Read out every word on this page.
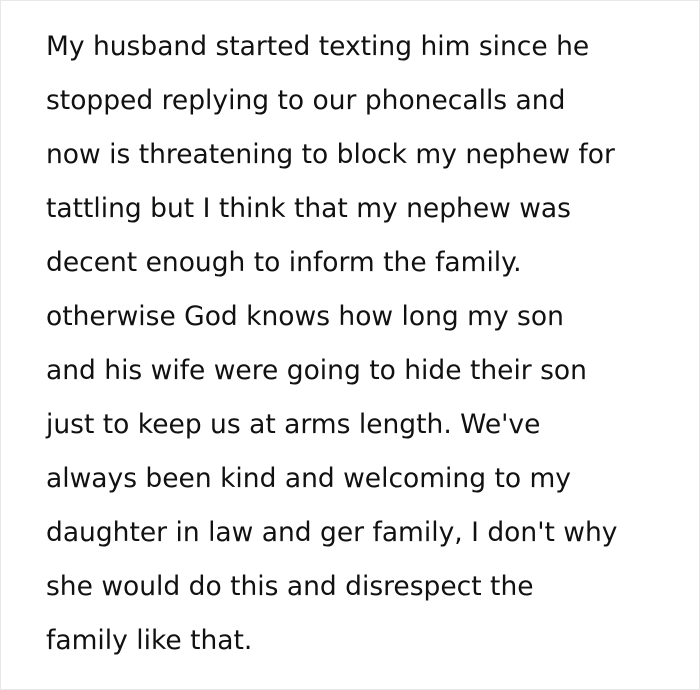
My husband started texting him since he
stopped replying to our phonecalls and
now is threatening to block my nephew for
tattling but I think that my nephew was
decent enough to inform the family.
otherwise God knows how long my son
and his wife were going to hide their son
just to keep us at arms length. We've
always been kind and welcoming to my
daughter in law and ger family, I don't why
she would do this and disrespect the
family like that.
